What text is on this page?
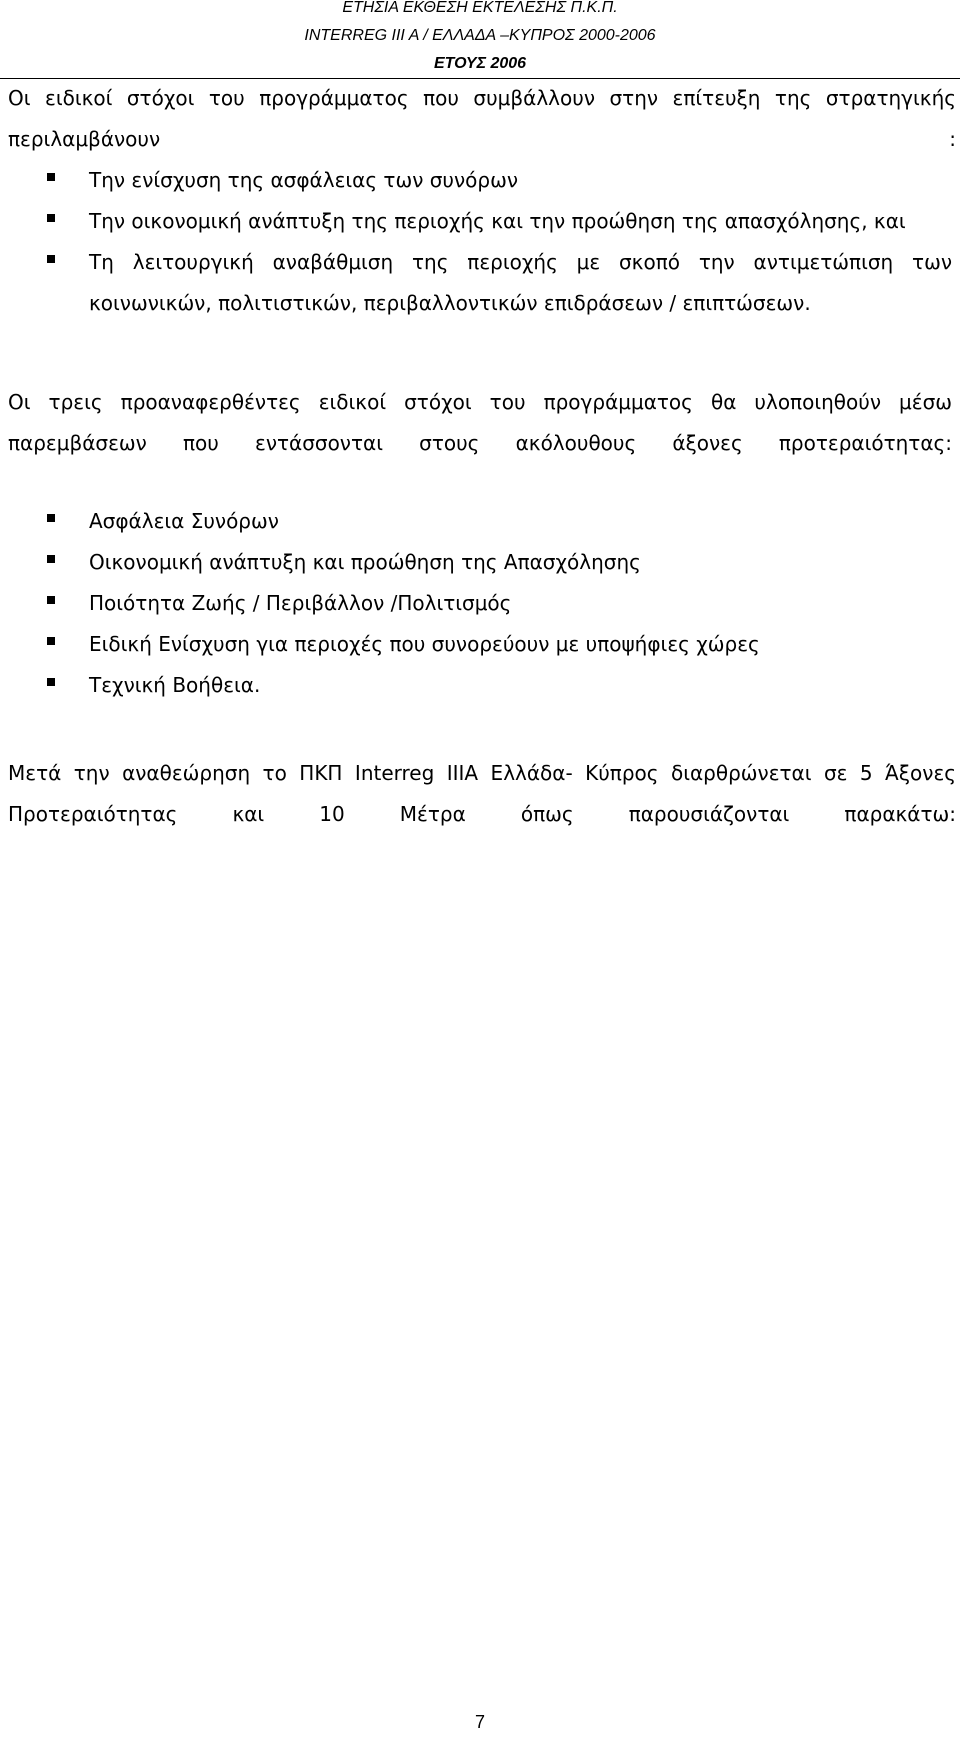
ΕΤΗΣΙΑ ΕΚΘΕΣΗ ΕΚΤΕΛΕΣΗΣ Π.Κ.Π.
INTERREG III A / ΕΛΛΑΔΑ –ΚΥΠΡΟΣ 2000-2006
ΕΤΟΥΣ 2006

Οι ειδικοί στόχοι του προγράμματος που συμβάλλουν στην επίτευξη της στρατηγικής περιλαμβάνουν :

Την ενίσχυση της ασφάλειας των συνόρων
Την οικονομική ανάπτυξη της περιοχής και την προώθηση της απασχόλησης, και
Τη λειτουργική αναβάθμιση της περιοχής με σκοπό την αντιμετώπιση των κοινωνικών, πολιτιστικών, περιβαλλοντικών επιδράσεων / επιπτώσεων.

Οι τρεις προαναφερθέντες ειδικοί στόχοι του προγράμματος θα υλοποιηθούν μέσω παρεμβάσεων που εντάσσονται στους ακόλουθους άξονες προτεραιότητας:

Ασφάλεια Συνόρων
Οικονομική ανάπτυξη και προώθηση της Απασχόλησης
Ποιότητα Ζωής / Περιβάλλον /Πολιτισμός
Ειδική Ενίσχυση για περιοχές που συνορεύουν με υποψήφιες χώρες
Τεχνική Βοήθεια.

Μετά την αναθεώρηση το ΠΚΠ Interreg IIIA Ελλάδα- Κύπρος διαρθρώνεται σε 5 Άξονες Προτεραιότητας και 10 Μέτρα όπως παρουσιάζονται παρακάτω:

7
